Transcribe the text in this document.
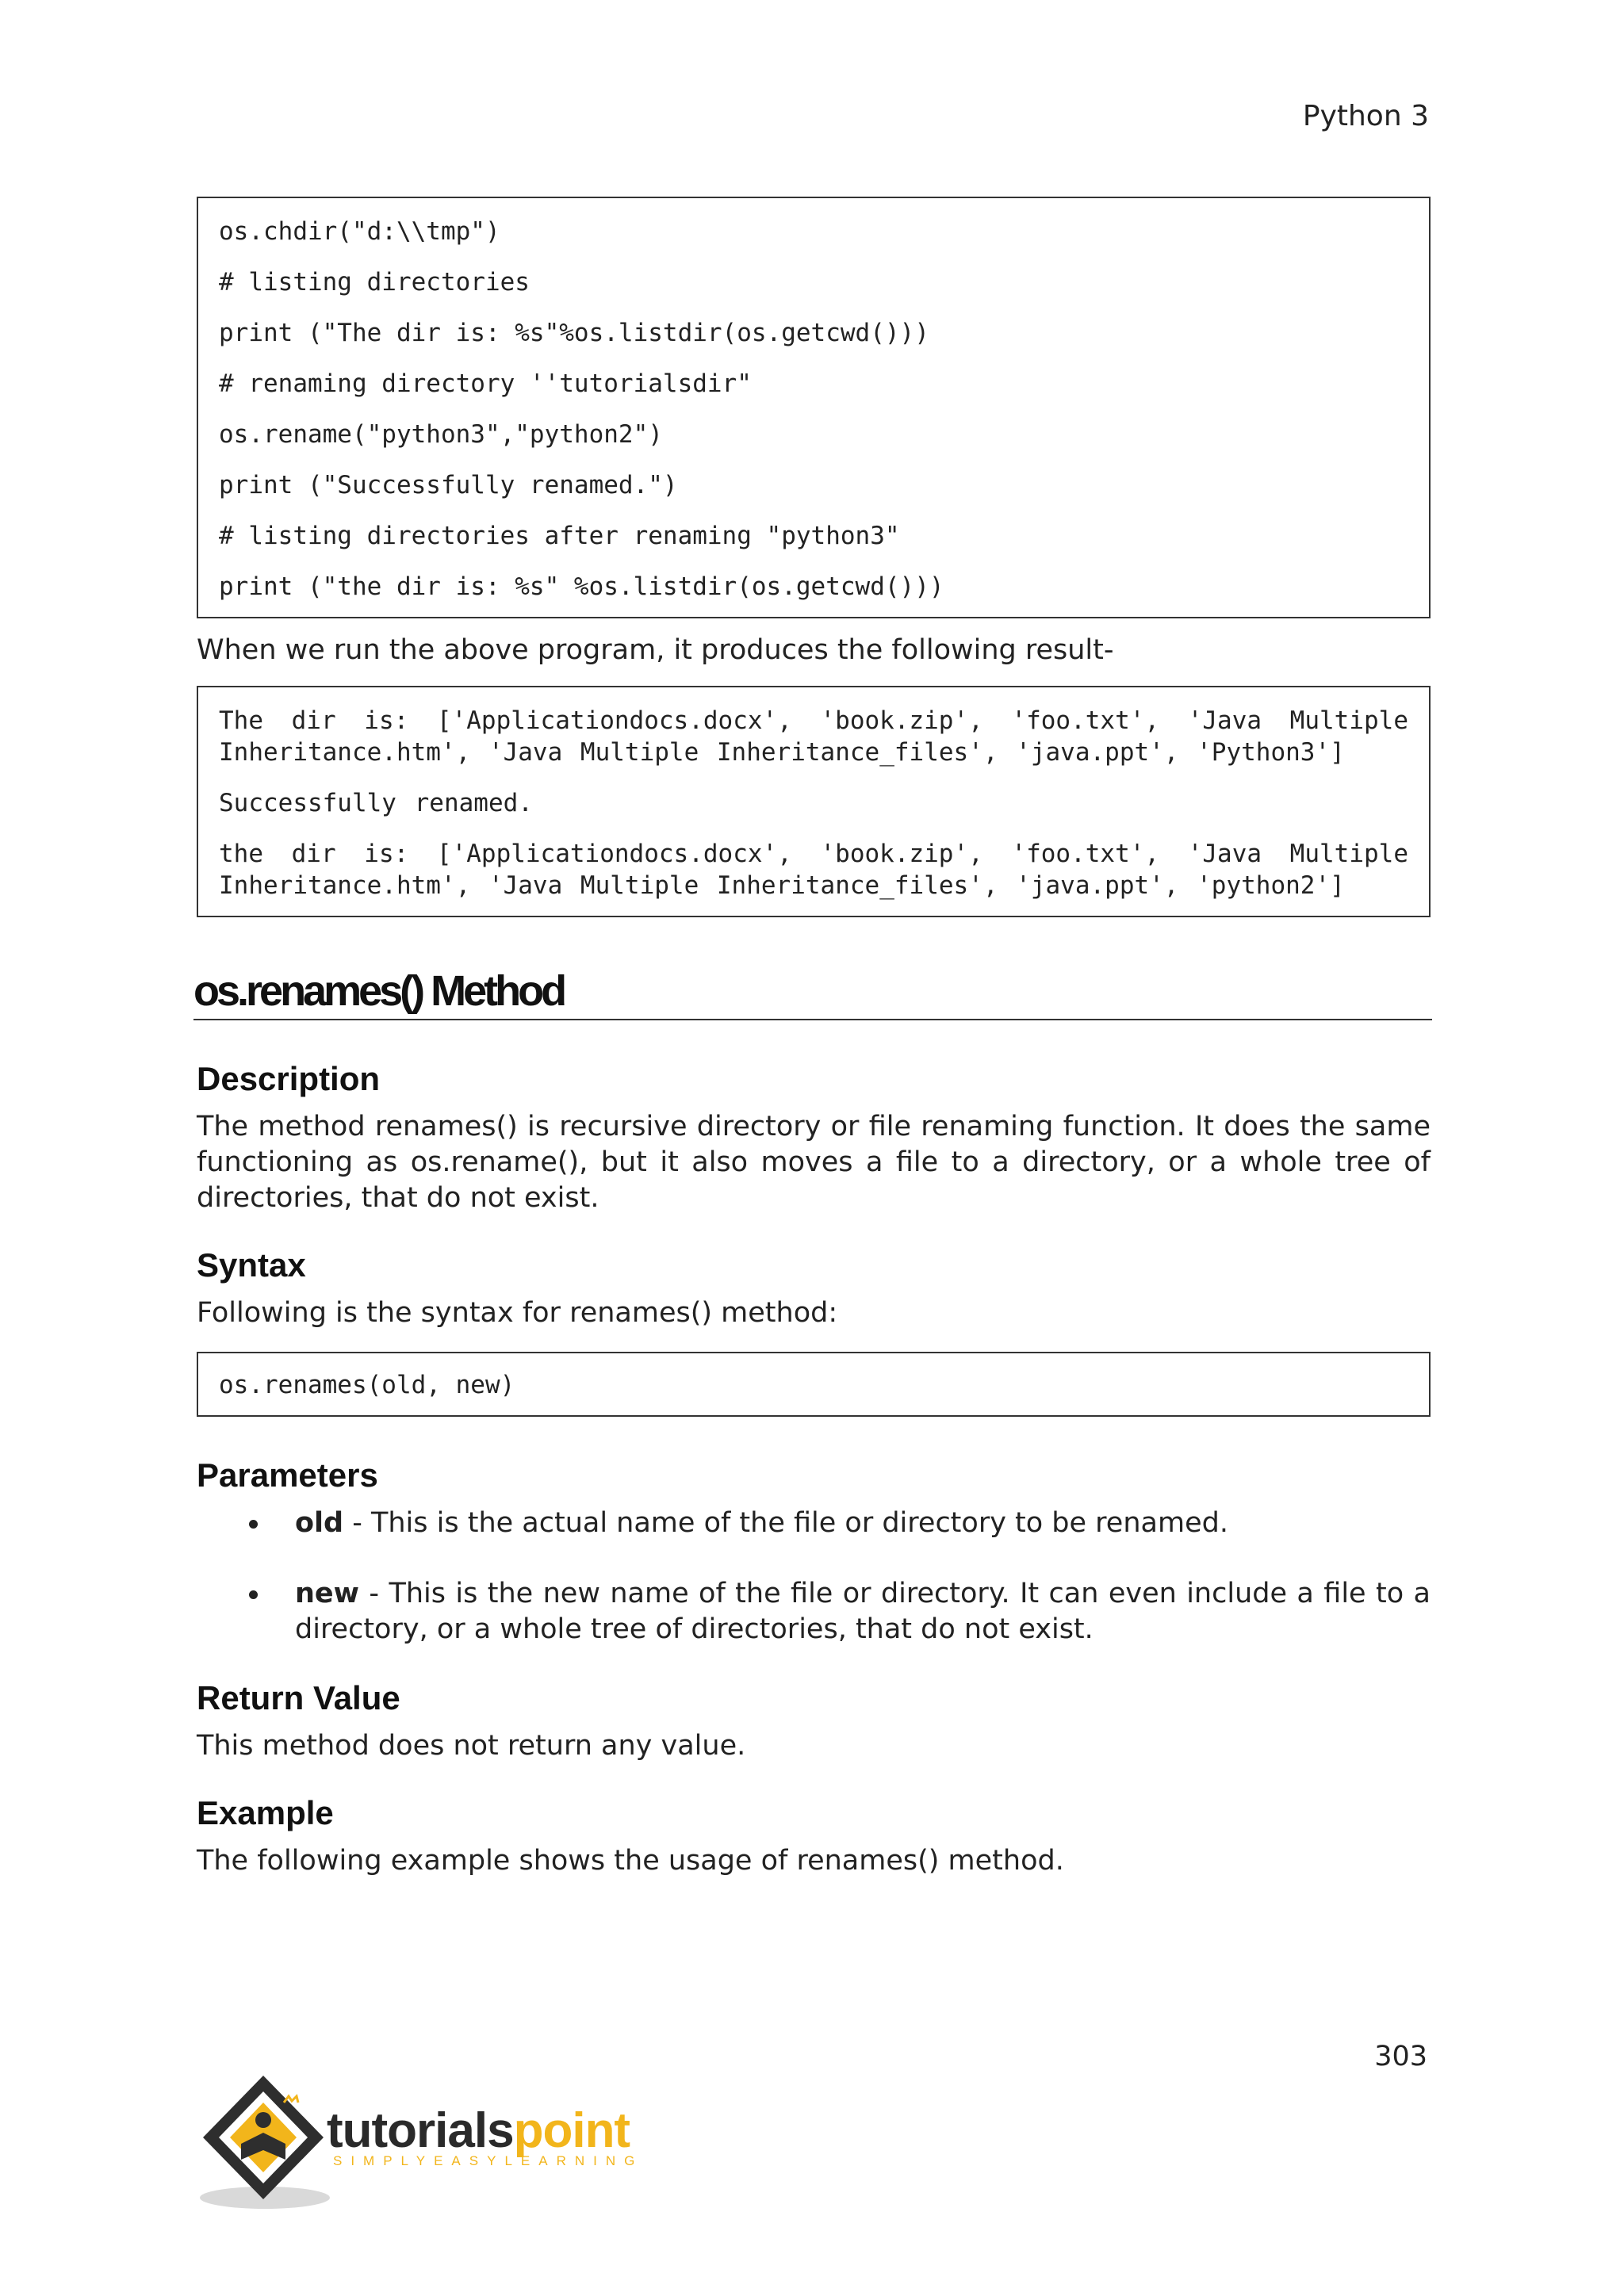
Python 3
os.chdir("d:\\tmp")
# listing directories
print ("The dir is: %s"%os.listdir(os.getcwd()))
# renaming directory ''tutorialsdir"
os.rename("python3","python2")
print ("Successfully renamed.")
# listing directories after renaming "python3"
print ("the dir is: %s" %os.listdir(os.getcwd()))
When we run the above program, it produces the following result-
The dir is: ['Applicationdocs.docx', 'book.zip', 'foo.txt', 'Java Multiple Inheritance.htm', 'Java Multiple Inheritance_files', 'java.ppt', 'Python3']
Successfully renamed.
the dir is: ['Applicationdocs.docx', 'book.zip', 'foo.txt', 'Java Multiple Inheritance.htm', 'Java Multiple Inheritance_files', 'java.ppt', 'python2']
os.renames() Method
Description
The method renames() is recursive directory or file renaming function. It does the same functioning as os.rename(), but it also moves a file to a directory, or a whole tree of directories, that do not exist.
Syntax
Following is the syntax for renames() method:
os.renames(old, new)
Parameters
old - This is the actual name of the file or directory to be renamed.
new - This is the new name of the file or directory. It can even include a file to a directory, or a whole tree of directories, that do not exist.
Return Value
This method does not return any value.
Example
The following example shows the usage of renames() method.
303
tutorialspoint
SIMPLYEASYLEARNING
